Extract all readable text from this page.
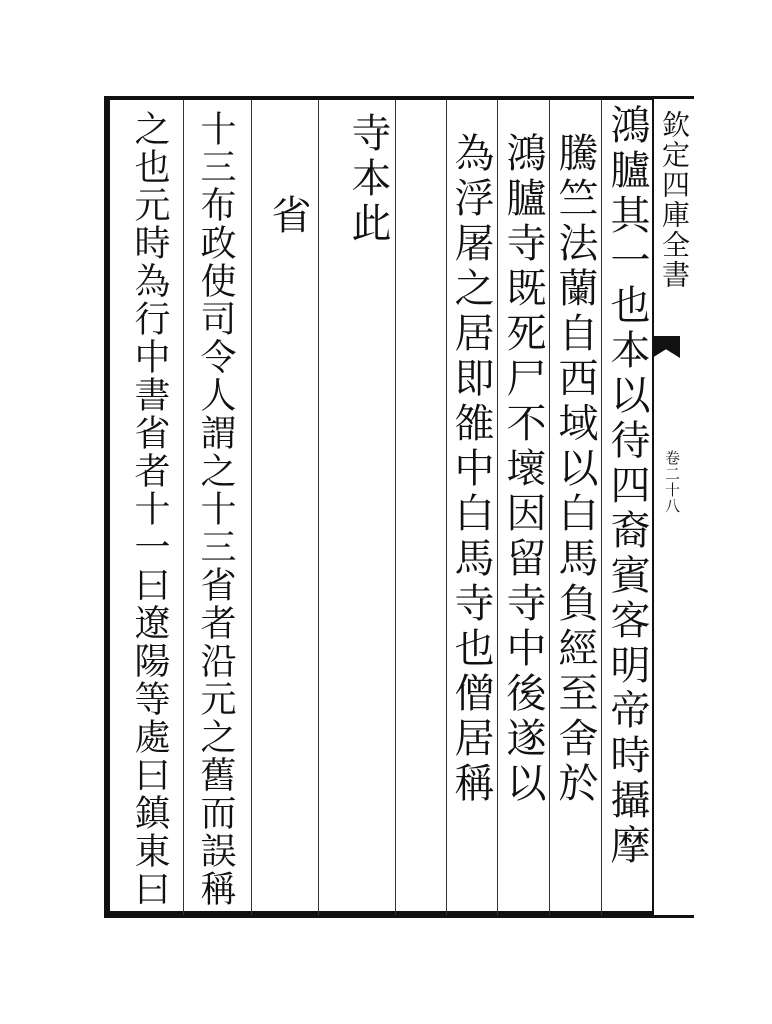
欽定四庫全書
卷二十八
鴻臚其一也本以待四裔賓客明帝時攝摩
騰竺法蘭自西域以白馬負經至舍於
鴻臚寺既死尸不壞因留寺中後遂以
為浮屠之居即雒中白馬寺也僧居稱
寺本此
省
十三布政使司令人謂之十三省者沿元之舊而誤稱
之也元時為行中書省者十一曰遼陽等處曰鎮東曰
